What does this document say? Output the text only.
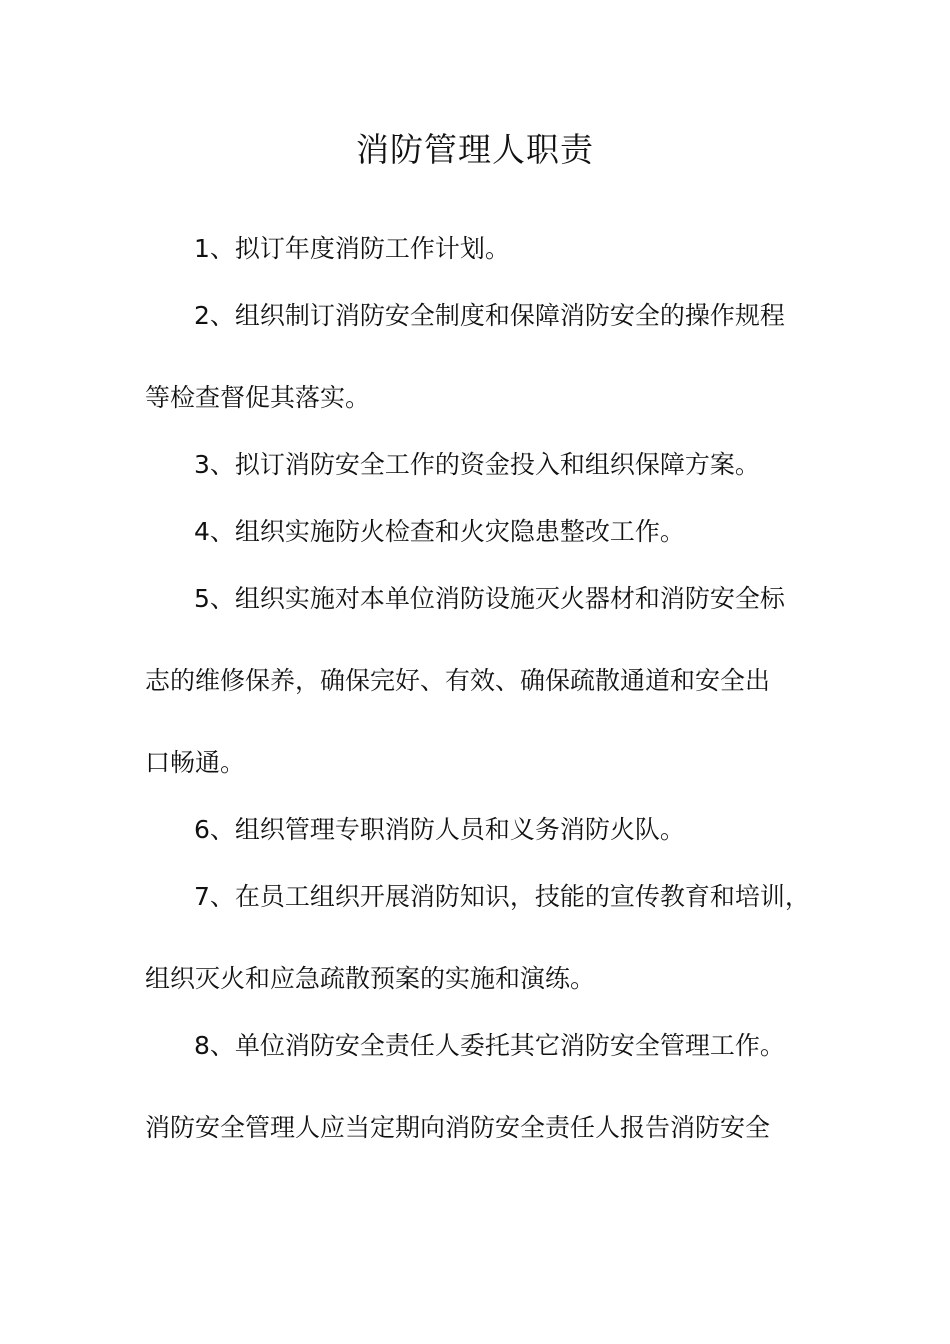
消防管理人职责
1、拟订年度消防工作计划。
2、组织制订消防安全制度和保障消防安全的操作规程
等检查督促其落实。
3、拟订消防安全工作的资金投入和组织保障方案。
4、组织实施防火检查和火灾隐患整改工作。
5、组织实施对本单位消防设施灭火器材和消防安全标
志的维修保养，确保完好、有效、确保疏散通道和安全出
口畅通。
6、组织管理专职消防人员和义务消防火队。
7、在员工组织开展消防知识，技能的宣传教育和培训，
组织灭火和应急疏散预案的实施和演练。
8、单位消防安全责任人委托其它消防安全管理工作。
消防安全管理人应当定期向消防安全责任人报告消防安全
